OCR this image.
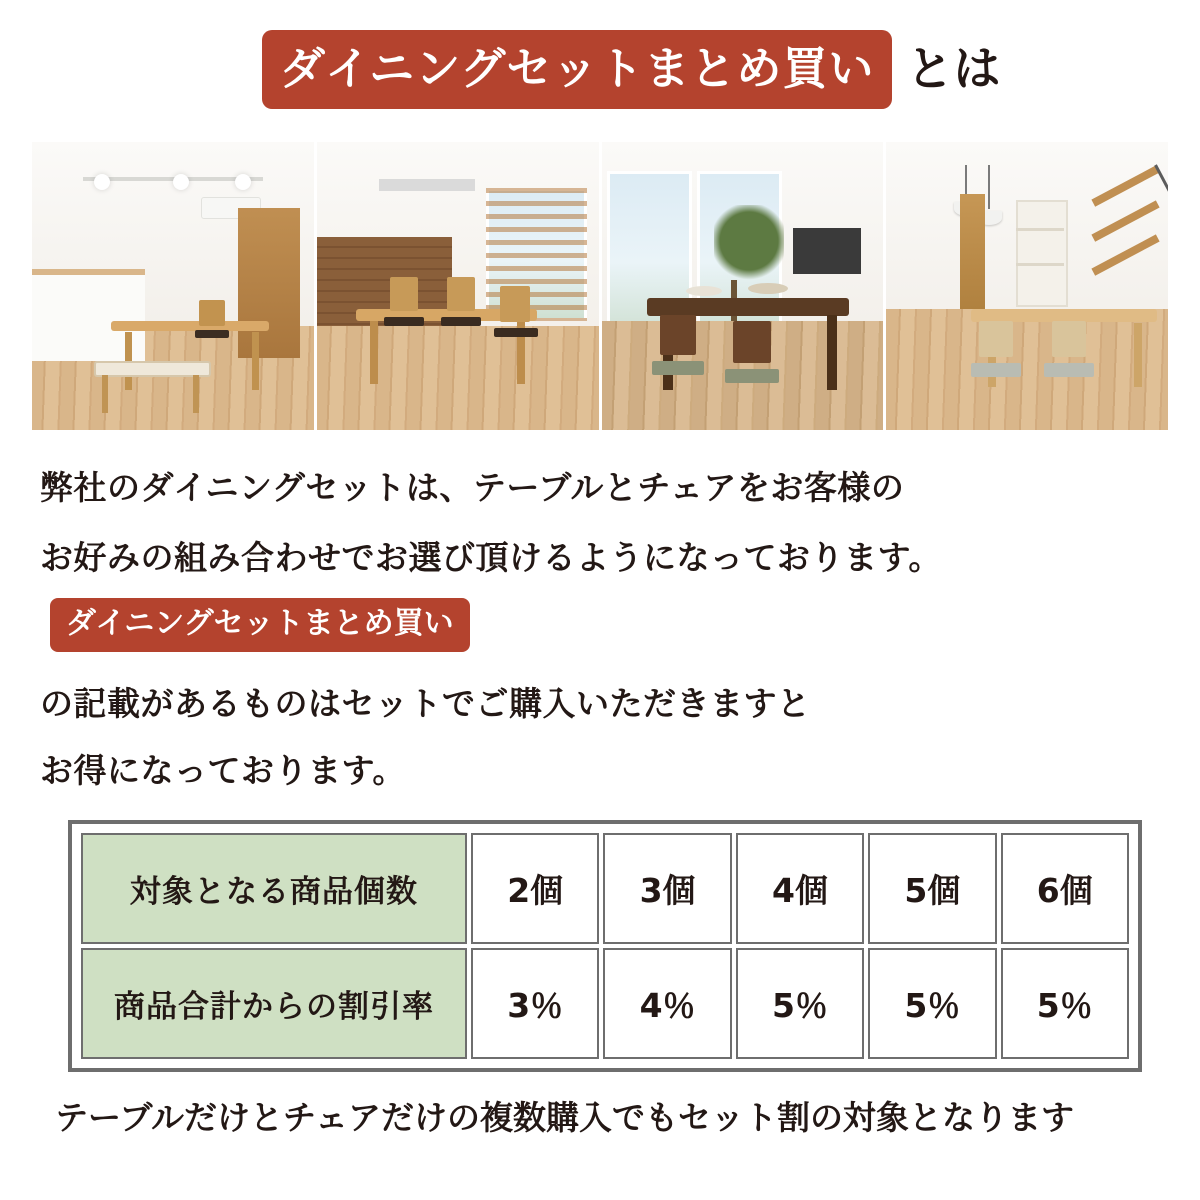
ダイニングセットまとめ買い とは
弊社のダイニングセットは、テーブルとチェアをお客様の
お好みの組み合わせでお選び頂けるようになっております。
ダイニングセットまとめ買い
の記載があるものはセットでご購入いただきますと
お得になっております。
対象となる商品個数	2個	3個	4個	5個	6個
商品合計からの割引率	3％	4％	5％	5％	5％
テーブルだけとチェアだけの複数購入でもセット割の対象となります
